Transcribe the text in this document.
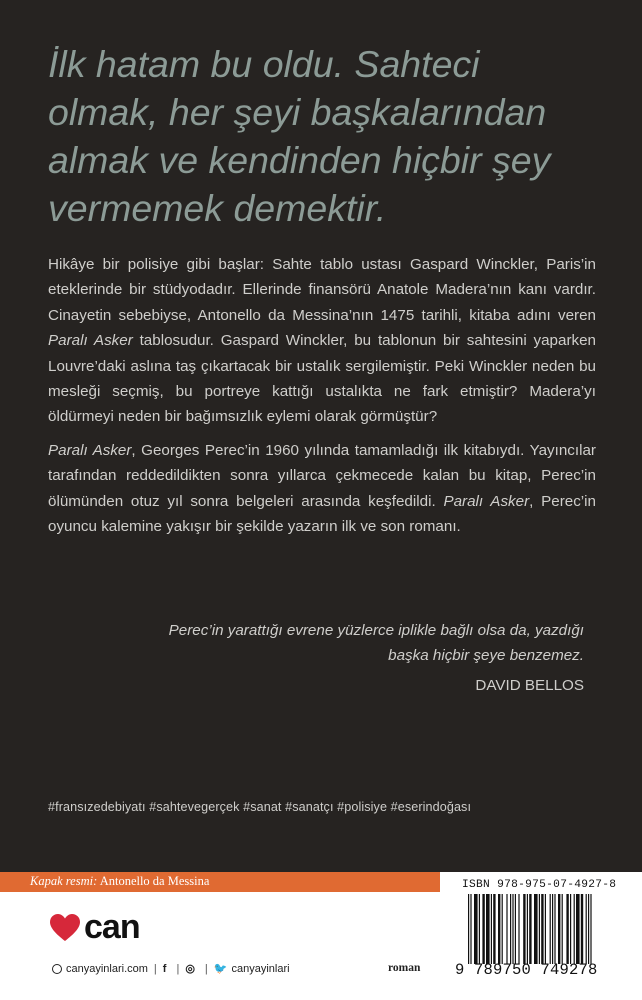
İlk hatam bu oldu. Sahteci
olmak, her şeyi başkalarından
almak ve kendinden hiçbir şey
vermemek demektir.

Hikâye bir polisiye gibi başlar: Sahte tablo ustası Gaspard Winckler, Paris’in eteklerinde bir stüdyodadır. Ellerinde finansörü Anatole Madera’nın kanı vardır. Cinayetin sebebiyse, Antonello da Messina’nın 1475 tarihli, kitaba adını veren Paralı Asker tablosudur. Gaspard Winckler, bu tablonun bir sahtesini yaparken Louvre’daki aslına taş çıkartacak bir ustalık sergilemiştir. Peki Winckler neden bu mesleği seçmiş, bu portreye kattığı ustalıkta ne fark etmiştir? Madera’yı öldürmeyi neden bir bağımsızlık eylemi olarak görmüştür?

Paralı Asker, Georges Perec’in 1960 yılında tamamladığı ilk kitabıydı. Yayıncılar tarafından reddedildikten sonra yıllarca çekmecede kalan bu kitap, Perec’in ölümünden otuz yıl sonra belgeleri arasında keşfedildi. Paralı Asker, Perec’in oyuncu kalemine yakışır bir şekilde yazarın ilk ve son romanı.

Perec’in yarattığı evrene yüzlerce iplikle bağlı olsa da, yazdığı
başka hiçbir şeye benzemez.
DAVID BELLOS
#fransızedebiyatı #sahtevegerçek #sanat #sanatçı #polisiye #eserindoğası
Kapak resmi: Antonello da Messina
can
canyayinlari.com | f | ◎ | 🐦 canyayinlari	roman
ISBN 978-975-07-4927-8
9 789750 749278
